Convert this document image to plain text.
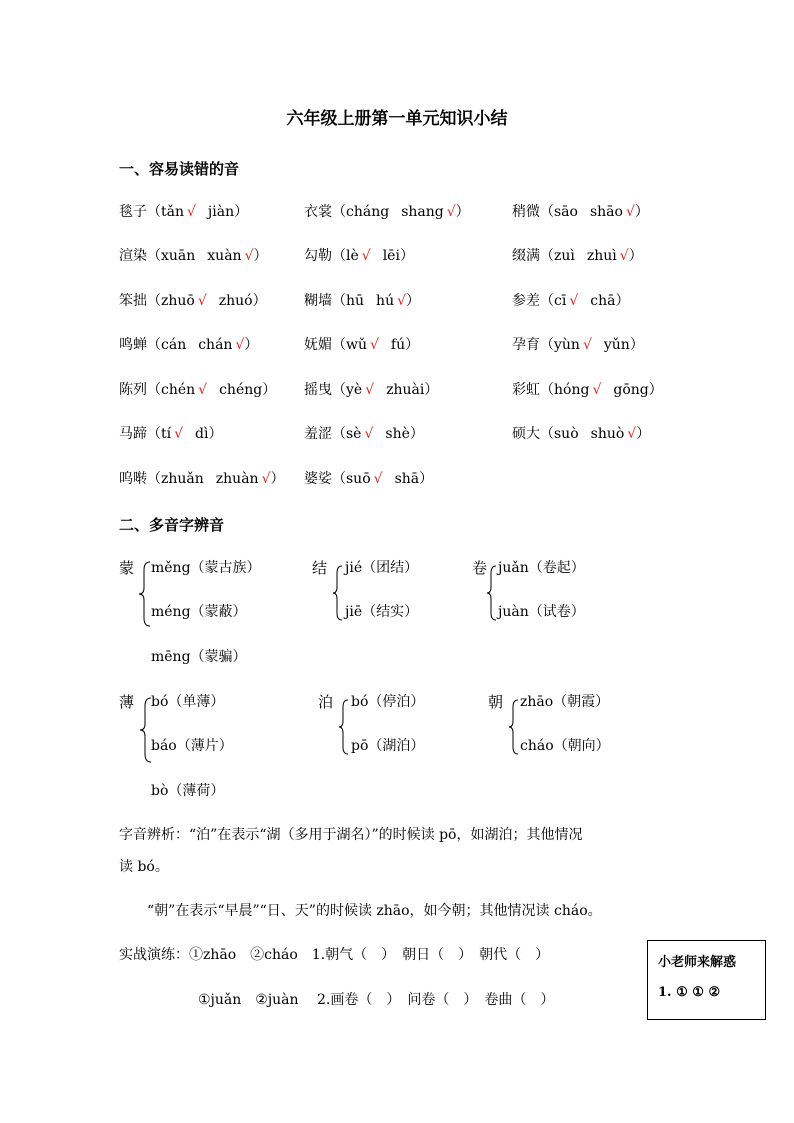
六年级上册第一单元知识小结
一、容易读错的音
毯子（tǎn √ jiàn）	衣裳（cháng shang √）	稍微（sāo shāo √）
渲染（xuān xuàn √）	勾勒（lè √ lēi）	缀满（zuì zhuì √）
笨拙（zhuō √ zhuó）	糊墙（hū hú √）	参差（cī √ chā）
鸣蝉（cán chán √）	妩媚（wǔ √ fú）	孕育（yùn √ yǔn）
陈列（chén √ chéng） 摇曳（yè √ zhuài）	彩虹（hóng √ gōng）
马蹄（tí √ dì）	羞涩（sè √ shè）	硕大（suò shuò √）
呜啭（zhuǎn zhuàn √） 婆娑（suō √ shā）
二、多音字辨音
蒙 měng（蒙古族）
méng（蒙蔽）
mēng（蒙骗）
结 jié（团结）
jiē（结实）
卷 juǎn（卷起）
juàn（试卷）
薄 bó（单薄）
báo（薄片）
bò（薄荷）
泊 bó（停泊）
pō（湖泊）
朝 zhāo（朝霞）
cháo（朝向）
字音辨析：“泊”在表示“湖（多用于湖名）”的时候读 pō，如湖泊；其他情况
读 bó。
“朝”在表示“早晨”“日、天”的时候读 zhāo，如今朝；其他情况读 cháo。
实战演练：①zhāo　②cháo　1.朝气（　）　朝日（　）　朝代（　）
①juǎn　②juàn　 2.画卷（　）　问卷（　）　卷曲（　）
小老师来解惑
1. ① ① ②
